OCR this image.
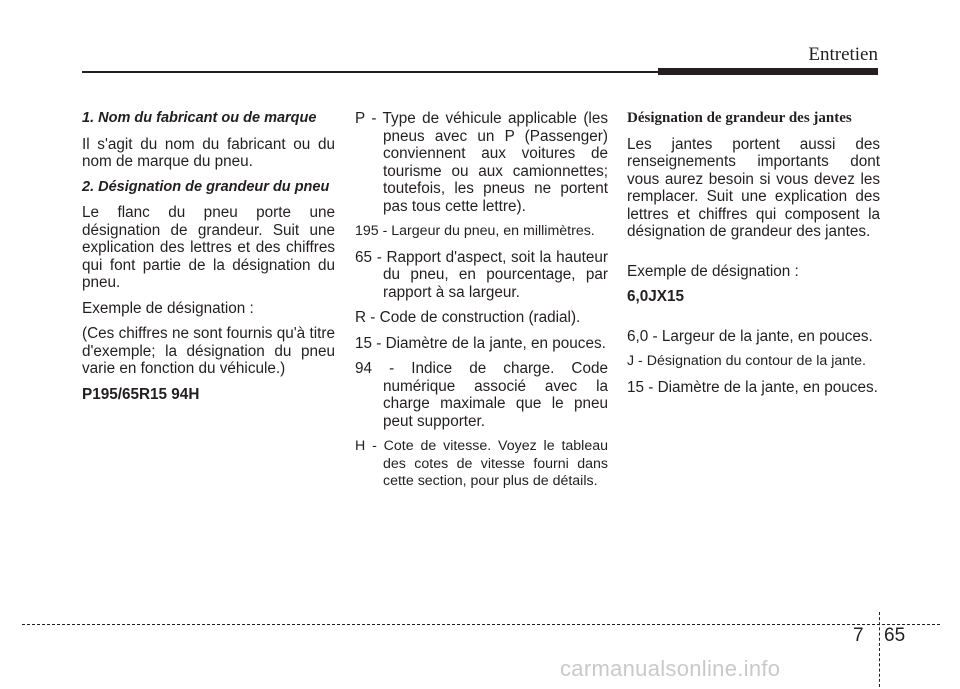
Entretien

1. Nom du fabricant ou de marque

Il s'agit du nom du fabricant ou du nom de marque du pneu.

2. Désignation de grandeur du pneu

Le flanc du pneu porte une désignation de grandeur. Suit une explication des lettres et des chiffres qui font partie de la désignation du pneu.

Exemple de désignation :

(Ces chiffres ne sont fournis qu'à titre d'exemple; la désignation du pneu varie en fonction du véhicule.)

P195/65R15 94H

P - Type de véhicule applicable (les pneus avec un P (Passenger) conviennent aux voitures de tourisme ou aux camionnettes; toutefois, les pneus ne portent pas tous cette lettre).

195 - Largeur du pneu, en millimètres.

65 - Rapport d'aspect, soit la hauteur du pneu, en pourcentage, par rapport à sa largeur.

R - Code de construction (radial).

15 - Diamètre de la jante, en pouces.

94 - Indice de charge. Code numérique associé avec la charge maximale que le pneu peut supporter.

H - Cote de vitesse. Voyez le tableau des cotes de vitesse fourni dans cette section, pour plus de détails.

Désignation de grandeur des jantes

Les jantes portent aussi des renseignements importants dont vous aurez besoin si vous devez les remplacer. Suit une explication des lettres et chiffres qui composent la désignation de grandeur des jantes.

Exemple de désignation :

6,0JX15

6,0 - Largeur de la jante, en pouces.

J - Désignation du contour de la jante.

15 - Diamètre de la jante, en pouces.

7 65
carmanualsonline.info
